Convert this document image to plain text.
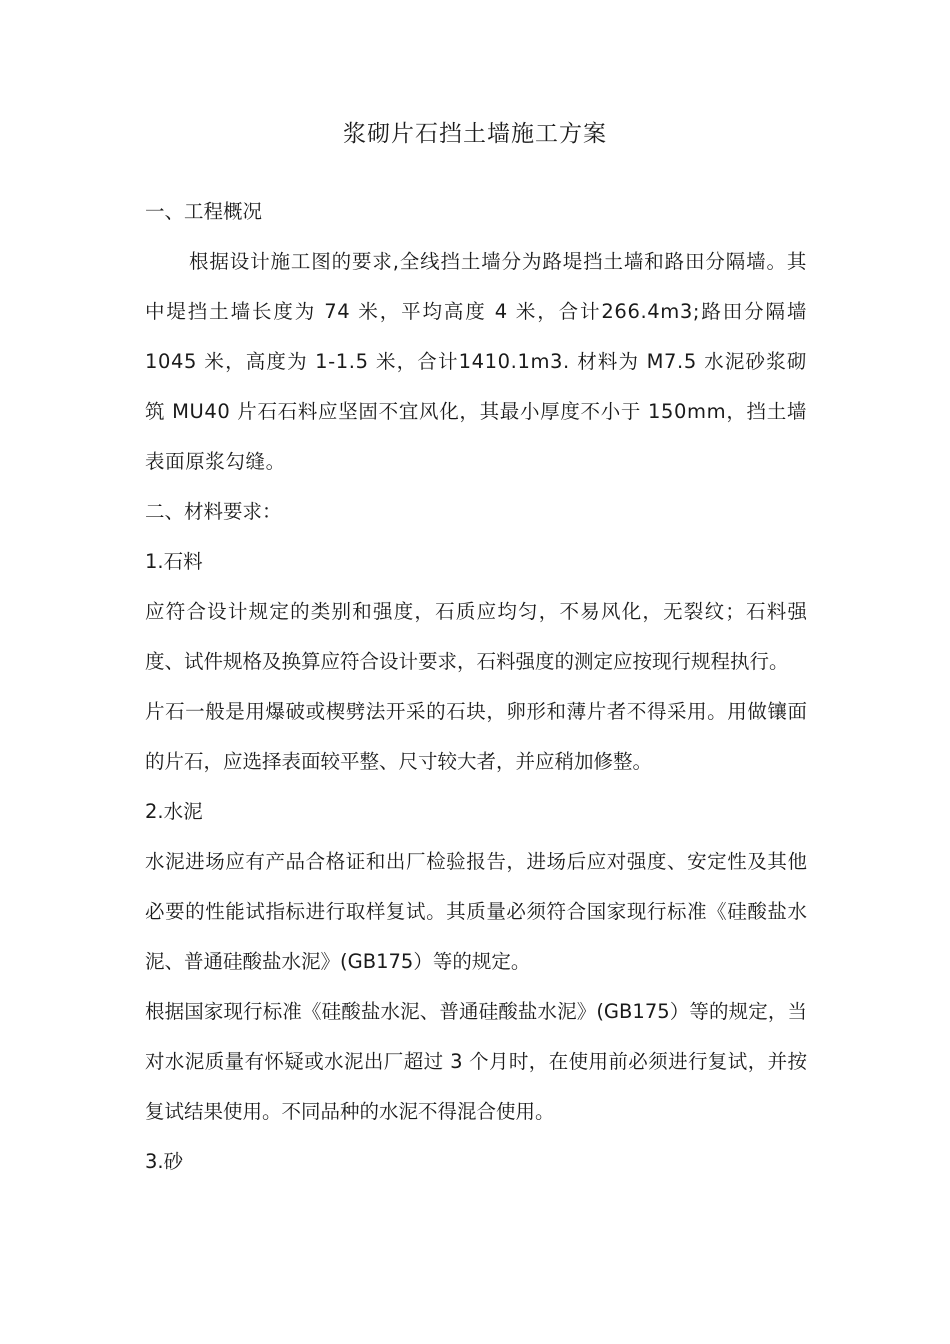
浆砌片石挡土墙施工方案

一、工程概况

根据设计施工图的要求,全线挡土墙分为路堤挡土墙和路田分隔墙。其中堤挡土墙长度为 74 米，平均高度 4 米，合计266.4m3;路田分隔墙 1045 米，高度为 1-1.5 米，合计1410.1m3. 材料为 M7.5 水泥砂浆砌筑 MU40 片石石料应坚固不宜风化，其最小厚度不小于 150mm，挡土墙表面原浆勾缝。

二、材料要求：

1.石料

应符合设计规定的类别和强度，石质应均匀，不易风化，无裂纹；石料强度、试件规格及换算应符合设计要求，石料强度的测定应按现行规程执行。

片石一般是用爆破或楔劈法开采的石块，卵形和薄片者不得采用。用做镶面的片石，应选择表面较平整、尺寸较大者，并应稍加修整。

2.水泥

水泥进场应有产品合格证和出厂检验报告，进场后应对强度、安定性及其他必要的性能试指标进行取样复试。其质量必须符合国家现行标准《硅酸盐水泥、普通硅酸盐水泥》(GB175）等的规定。

根据国家现行标准《硅酸盐水泥、普通硅酸盐水泥》(GB175）等的规定，当对水泥质量有怀疑或水泥出厂超过 3 个月时，在使用前必须进行复试，并按复试结果使用。不同品种的水泥不得混合使用。

3.砂
